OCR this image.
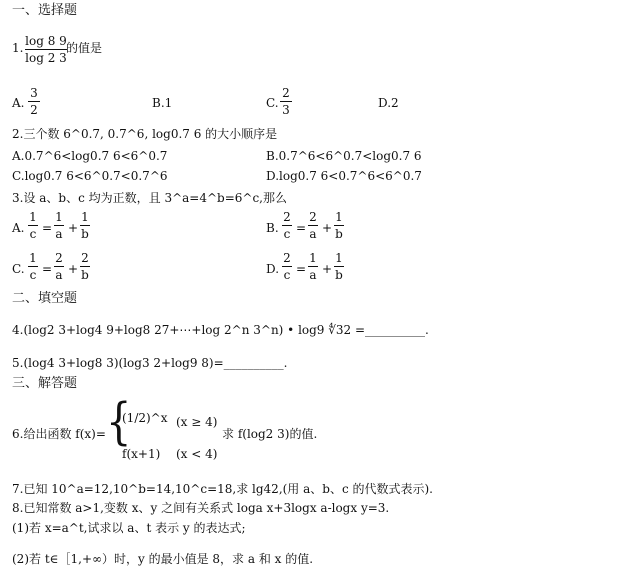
一、选择题
1. log 8 9
log 2 3
的值是
A.
3
2	B.1	C.
2
3	D.2
2.三个数 6^0.7, 0.7^6, log0.7 6 的大小顺序是
A.0.7^6<log0.7 6<6^0.7	B.0.7^6<6^0.7<log0.7 6
C.log0.7 6<6^0.7<0.7^6	D.log0.7 6<0.7^6<6^0.7
3.设 a、b、c 均为正数，且 3^a=4^b=6^c,那么
A.
1
c =
1
a +
1
b	B.
2
c =
2
a +
1
b
C.
1
c =
2
a +
2
b	D.
2
c =
1
a +
1
b
二、填空题
4.(log2 3+log4 9+log8 27+⋯+log 2^n 3^n) • log9 ∜32 =__________.
5.(log4 3+log8 3)(log3 2+log9 8)=__________.
三、解答题
6.给出函数 f(x)= {
(1/2)^x (x ≥ 4)
f(x+1) (x < 4)
求 f(log2 3)的值.
7.已知 10^a=12,10^b=14,10^c=18,求 lg42,(用 a、b、c 的代数式表示).
8.已知常数 a>1,变数 x、y 之间有关系式 loga x+3logx a-logx y=3.
(1)若 x=a^t,试求以 a、t 表示 y 的表达式;
(2)若 t∈［1,+∞）时，y 的最小值是 8，求 a 和 x 的值.
